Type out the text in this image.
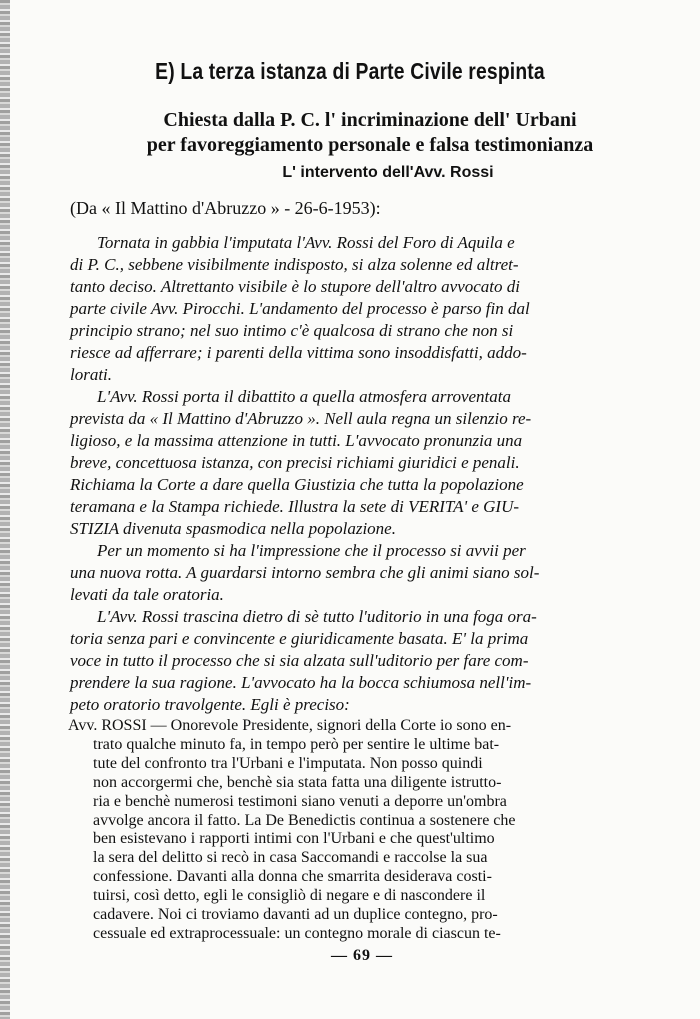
E) La terza istanza di Parte Civile respinta
Chiesta dalla P. C. l' incriminazione dell' Urbani
per favoreggiamento personale e falsa testimonianza
L' intervento dell'Avv. Rossi
(Da « Il Mattino d'Abruzzo » - 26-6-1953):
Tornata in gabbia l'imputata l'Avv. Rossi del Foro di Aquila e
di P. C., sebbene visibilmente indisposto, si alza solenne ed altret-
tanto deciso. Altrettanto visibile è lo stupore dell'altro avvocato di
parte civile Avv. Pirocchi. L'andamento del processo è parso fin dal
principio strano; nel suo intimo c'è qualcosa di strano che non si
riesce ad afferrare; i parenti della vittima sono insoddisfatti, addo-
lorati.
L'Avv. Rossi porta il dibattito a quella atmosfera arroventata
prevista da « Il Mattino d'Abruzzo ». Nell aula regna un silenzio re-
ligioso, e la massima attenzione in tutti. L'avvocato pronunzia una
breve, concettuosa istanza, con precisi richiami giuridici e penali.
Richiama la Corte a dare quella Giustizia che tutta la popolazione
teramana e la Stampa richiede. Illustra la sete di VERITA' e GIU-
STIZIA divenuta spasmodica nella popolazione.
Per un momento si ha l'impressione che il processo si avvii per
una nuova rotta. A guardarsi intorno sembra che gli animi siano sol-
levati da tale oratoria.
L'Avv. Rossi trascina dietro di sè tutto l'uditorio in una foga ora-
toria senza pari e convincente e giuridicamente basata. E' la prima
voce in tutto il processo che si sia alzata sull'uditorio per fare com-
prendere la sua ragione. L'avvocato ha la bocca schiumosa nell'im-
peto oratorio travolgente. Egli è preciso:
Avv. ROSSI — Onorevole Presidente, signori della Corte io sono en-
trato qualche minuto fa, in tempo però per sentire le ultime bat-
tute del confronto tra l'Urbani e l'imputata. Non posso quindi
non accorgermi che, benchè sia stata fatta una diligente istrutto-
ria e benchè numerosi testimoni siano venuti a deporre un'ombra
avvolge ancora il fatto. La De Benedictis continua a sostenere che
ben esistevano i rapporti intimi con l'Urbani e che quest'ultimo
la sera del delitto si recò in casa Saccomandi e raccolse la sua
confessione. Davanti alla donna che smarrita desiderava costi-
tuirsi, così detto, egli le consigliò di negare e di nascondere il
— 69 —
cadavere. Noi ci troviamo davanti ad un duplice contegno, pro-
cessuale ed extraprocessuale: un contegno morale di ciascun te-
